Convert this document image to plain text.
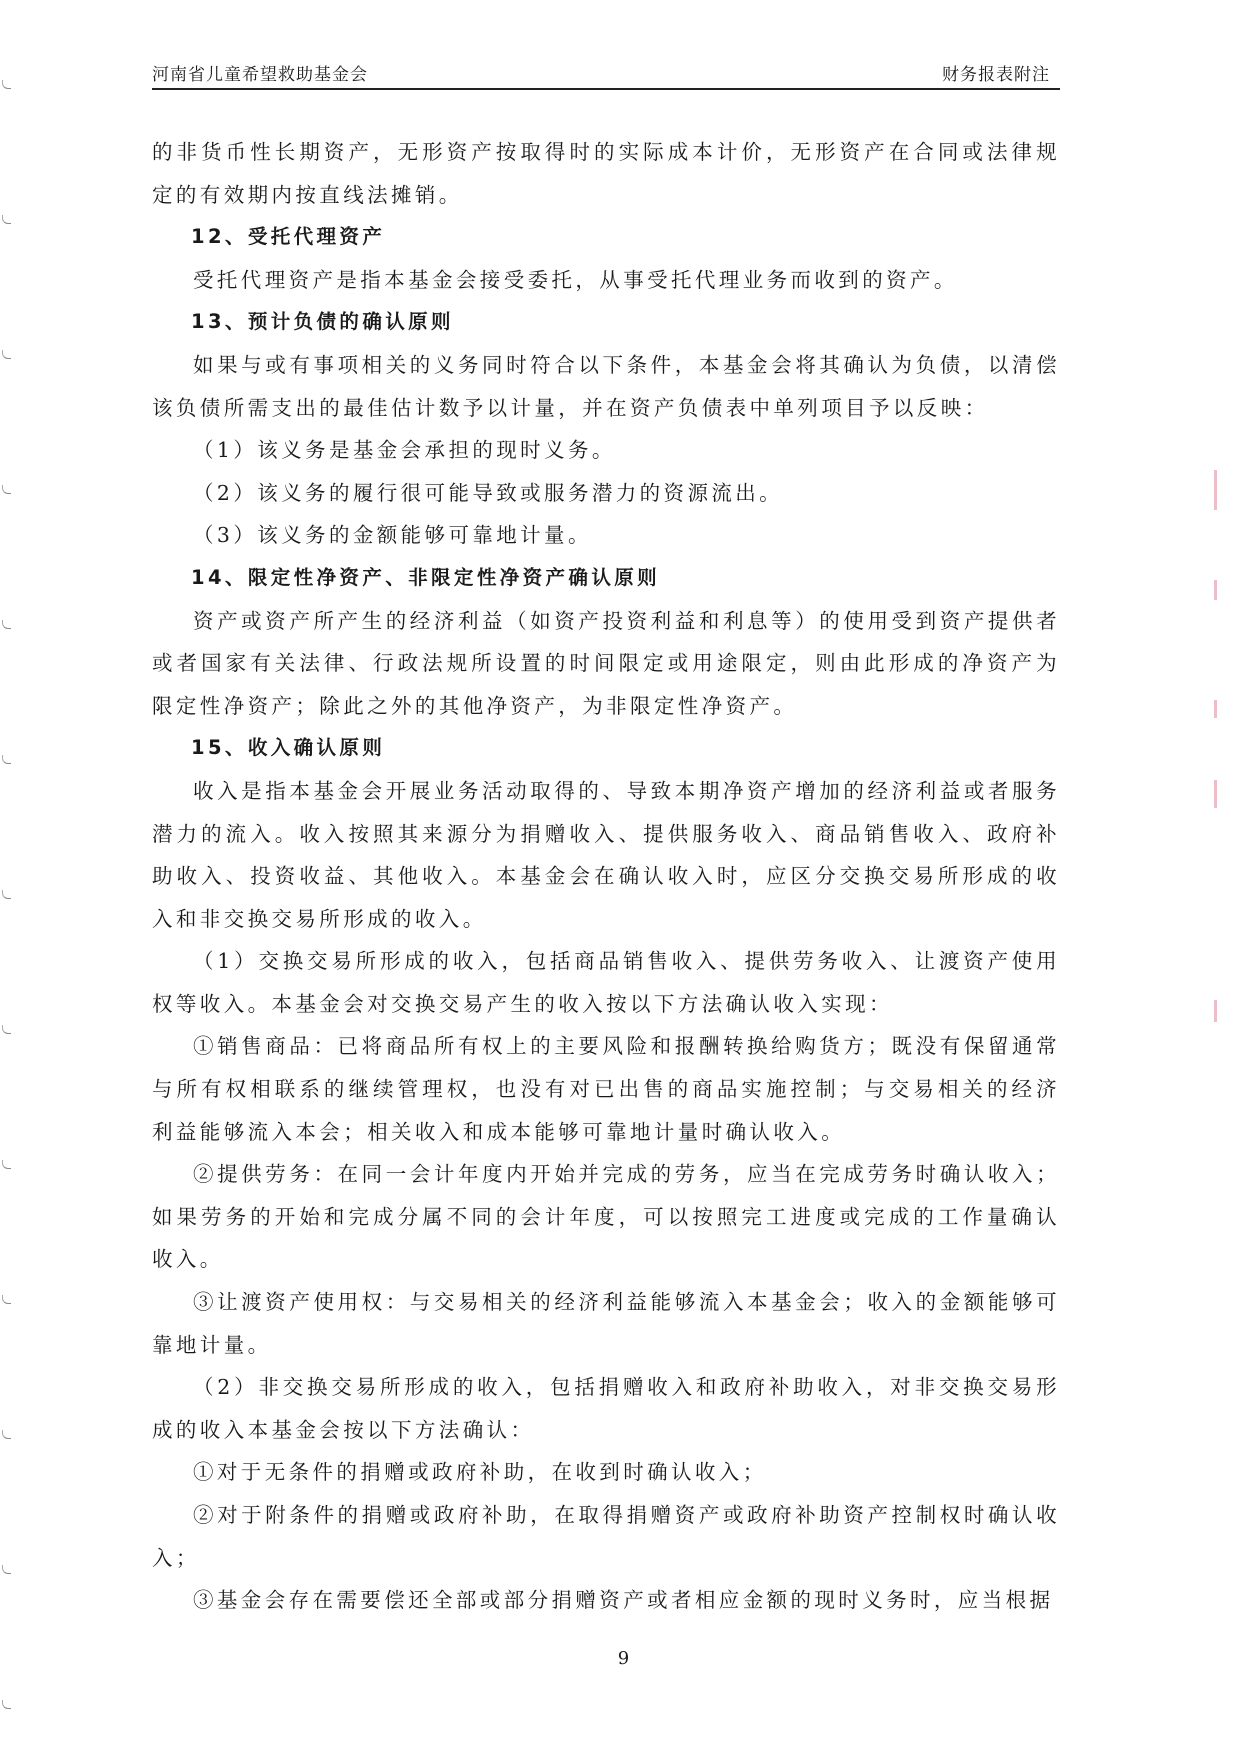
河南省儿童希望救助基金会	财务报表附注

的非货币性长期资产，无形资产按取得时的实际成本计价，无形资产在合同或法律规定的有效期内按直线法摊销。

12、受托代理资产

受托代理资产是指本基金会接受委托，从事受托代理业务而收到的资产。

13、预计负债的确认原则

如果与或有事项相关的义务同时符合以下条件，本基金会将其确认为负债，以清偿该负债所需支出的最佳估计数予以计量，并在资产负债表中单列项目予以反映：

（1）该义务是基金会承担的现时义务。

（2）该义务的履行很可能导致或服务潜力的资源流出。

（3）该义务的金额能够可靠地计量。

14、限定性净资产、非限定性净资产确认原则

资产或资产所产生的经济利益（如资产投资利益和利息等）的使用受到资产提供者或者国家有关法律、行政法规所设置的时间限定或用途限定，则由此形成的净资产为限定性净资产；除此之外的其他净资产，为非限定性净资产。

15、收入确认原则

收入是指本基金会开展业务活动取得的、导致本期净资产增加的经济利益或者服务潜力的流入。收入按照其来源分为捐赠收入、提供服务收入、商品销售收入、政府补助收入、投资收益、其他收入。本基金会在确认收入时，应区分交换交易所形成的收入和非交换交易所形成的收入。

（1）交换交易所形成的收入，包括商品销售收入、提供劳务收入、让渡资产使用权等收入。本基金会对交换交易产生的收入按以下方法确认收入实现：

①销售商品：已将商品所有权上的主要风险和报酬转换给购货方；既没有保留通常与所有权相联系的继续管理权，也没有对已出售的商品实施控制；与交易相关的经济利益能够流入本会；相关收入和成本能够可靠地计量时确认收入。

②提供劳务：在同一会计年度内开始并完成的劳务，应当在完成劳务时确认收入；如果劳务的开始和完成分属不同的会计年度，可以按照完工进度或完成的工作量确认收入。

③让渡资产使用权：与交易相关的经济利益能够流入本基金会；收入的金额能够可靠地计量。

（2）非交换交易所形成的收入，包括捐赠收入和政府补助收入，对非交换交易形成的收入本基金会按以下方法确认：

①对于无条件的捐赠或政府补助，在收到时确认收入；

②对于附条件的捐赠或政府补助，在取得捐赠资产或政府补助资产控制权时确认收入；

③基金会存在需要偿还全部或部分捐赠资产或者相应金额的现时义务时，应当根据

9
